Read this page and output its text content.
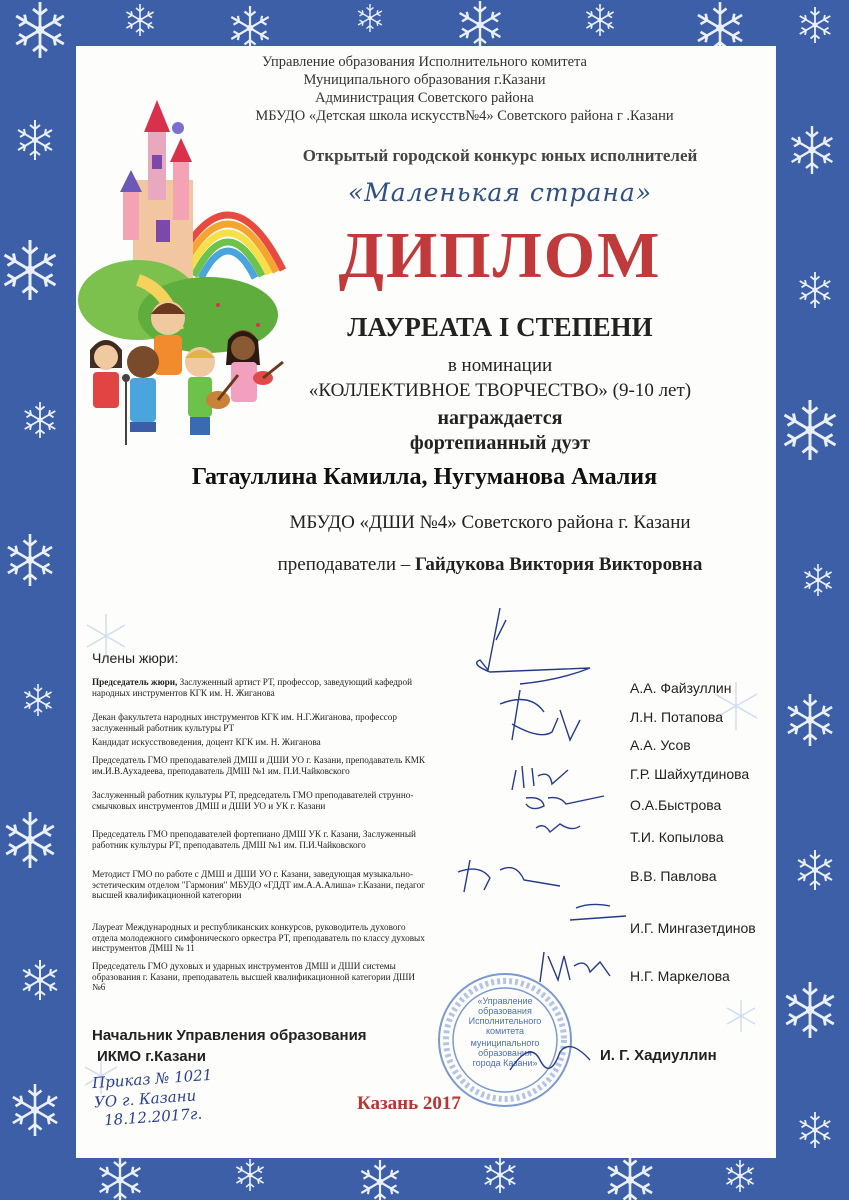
Управление образования Исполнительного комитета
Муниципального образования г.Казани
Администрация Советского района
МБУДО «Детская школа искусств№4» Советского района г .Казани
Открытый городской конкурс юных исполнителей
«Маленькая страна»
ДИПЛОМ
ЛАУРЕАТА I СТЕПЕНИ
в номинации
«КОЛЛЕКТИВНОЕ ТВОРЧЕСТВО» (9-10 лет)
награждается
фортепианный дуэт
Гатауллина Камилла, Нугуманова Амалия
МБУДО «ДШИ №4» Советского района г. Казани
преподаватели – Гайдукова Виктория Викторовна
Члены жюри:
Председатель жюри, Заслуженный артист РТ, профессор, заведующий кафедрой народных инструментов КГК им. Н. Жиганова
Декан факультета народных инструментов КГК им. Н.Г.Жиганова, профессор заслуженный работник культуры РТ
Кандидат искусствоведения, доцент КГК им. Н. Жиганова
Председатель ГМО преподавателей ДМШ и ДШИ УО г. Казани, преподаватель КМК им.И.В.Аухадеева, преподаватель ДМШ №1 им. П.И.Чайковского
Заслуженный работник культуры РТ, председатель ГМО преподавателей струнно-смычковых инструментов ДМШ и ДШИ УО и УК г. Казани
Председатель ГМО преподавателей фортепиано ДМШ УК г. Казани, Заслуженный работник культуры РТ, преподаватель ДМШ №1 им. П.И.Чайковского
Методист ГМО по работе с ДМШ и ДШИ УО г. Казани, заведующая музыкально-эстетическим отделом "Гармония" МБУДО «ГДДТ им.А.А.Алиша» г.Казани, педагог высшей квалификационной категории
Лауреат Международных и республиканских конкурсов, руководитель духового отдела молодежного симфонического оркестра РТ, преподаватель по классу духовых инструментов ДМШ № 11
Председатель ГМО духовых и ударных инструментов ДМШ и ДШИ системы образования г. Казани, преподаватель высшей квалификационной категории ДШИ №6
А.А. Файзуллин
Л.Н. Потапова
А.А. Усов
Г.Р. Шайхутдинова
О.А.Быстрова
Т.И. Копылова
В.В. Павлова
И.Г. Мингазетдинов
Н.Г. Маркелова
Начальник Управления образования
ИКМО г.Казани	И. Г. Хадиуллин
«Управление
образования
Исполнительного
комитета
муниципального
образования
города Казани»
Приказ № 1021
УО г. Казани
18.12.2017г.
Казань 2017
